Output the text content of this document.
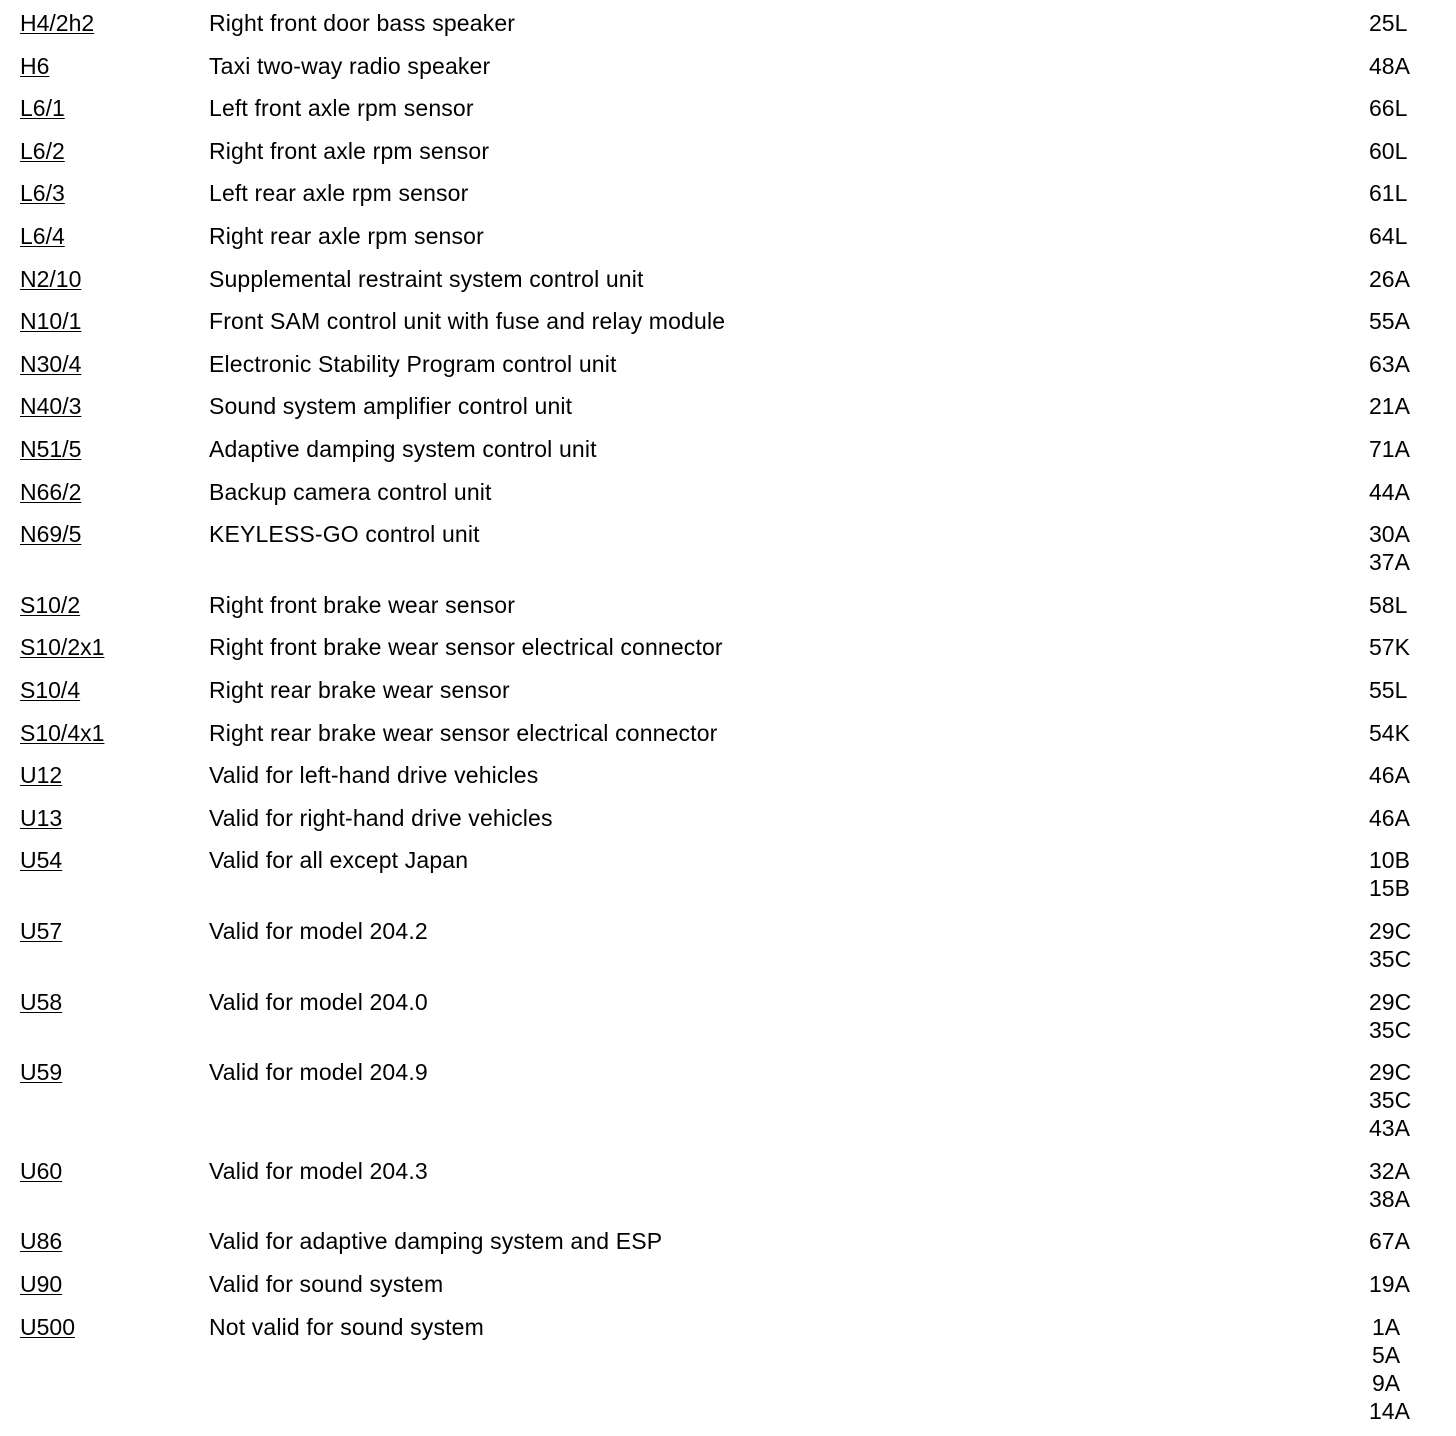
H4/2h2	Right front door bass speaker	25L
H6	Taxi two-way radio speaker	48A
L6/1	Left front axle rpm sensor	66L
L6/2	Right front axle rpm sensor	60L
L6/3	Left rear axle rpm sensor	61L
L6/4	Right rear axle rpm sensor	64L
N2/10	Supplemental restraint system control unit	26A
N10/1	Front SAM control unit with fuse and relay module	55A
N30/4	Electronic Stability Program control unit	63A
N40/3	Sound system amplifier control unit	21A
N51/5	Adaptive damping system control unit	71A
N66/2	Backup camera control unit	44A
N69/5	KEYLESS-GO control unit	30A
37A
S10/2	Right front brake wear sensor	58L
S10/2x1	Right front brake wear sensor electrical connector	57K
S10/4	Right rear brake wear sensor	55L
S10/4x1	Right rear brake wear sensor electrical connector	54K
U12	Valid for left-hand drive vehicles	46A
U13	Valid for right-hand drive vehicles	46A
U54	Valid for all except Japan	10B
15B
U57	Valid for model 204.2	29C
35C
U58	Valid for model 204.0	29C
35C
U59	Valid for model 204.9	29C
35C
43A
U60	Valid for model 204.3	32A
38A
U86	Valid for adaptive damping system and ESP	67A
U90	Valid for sound system	19A
U500	Not valid for sound system	1A
5A
9A
14A
